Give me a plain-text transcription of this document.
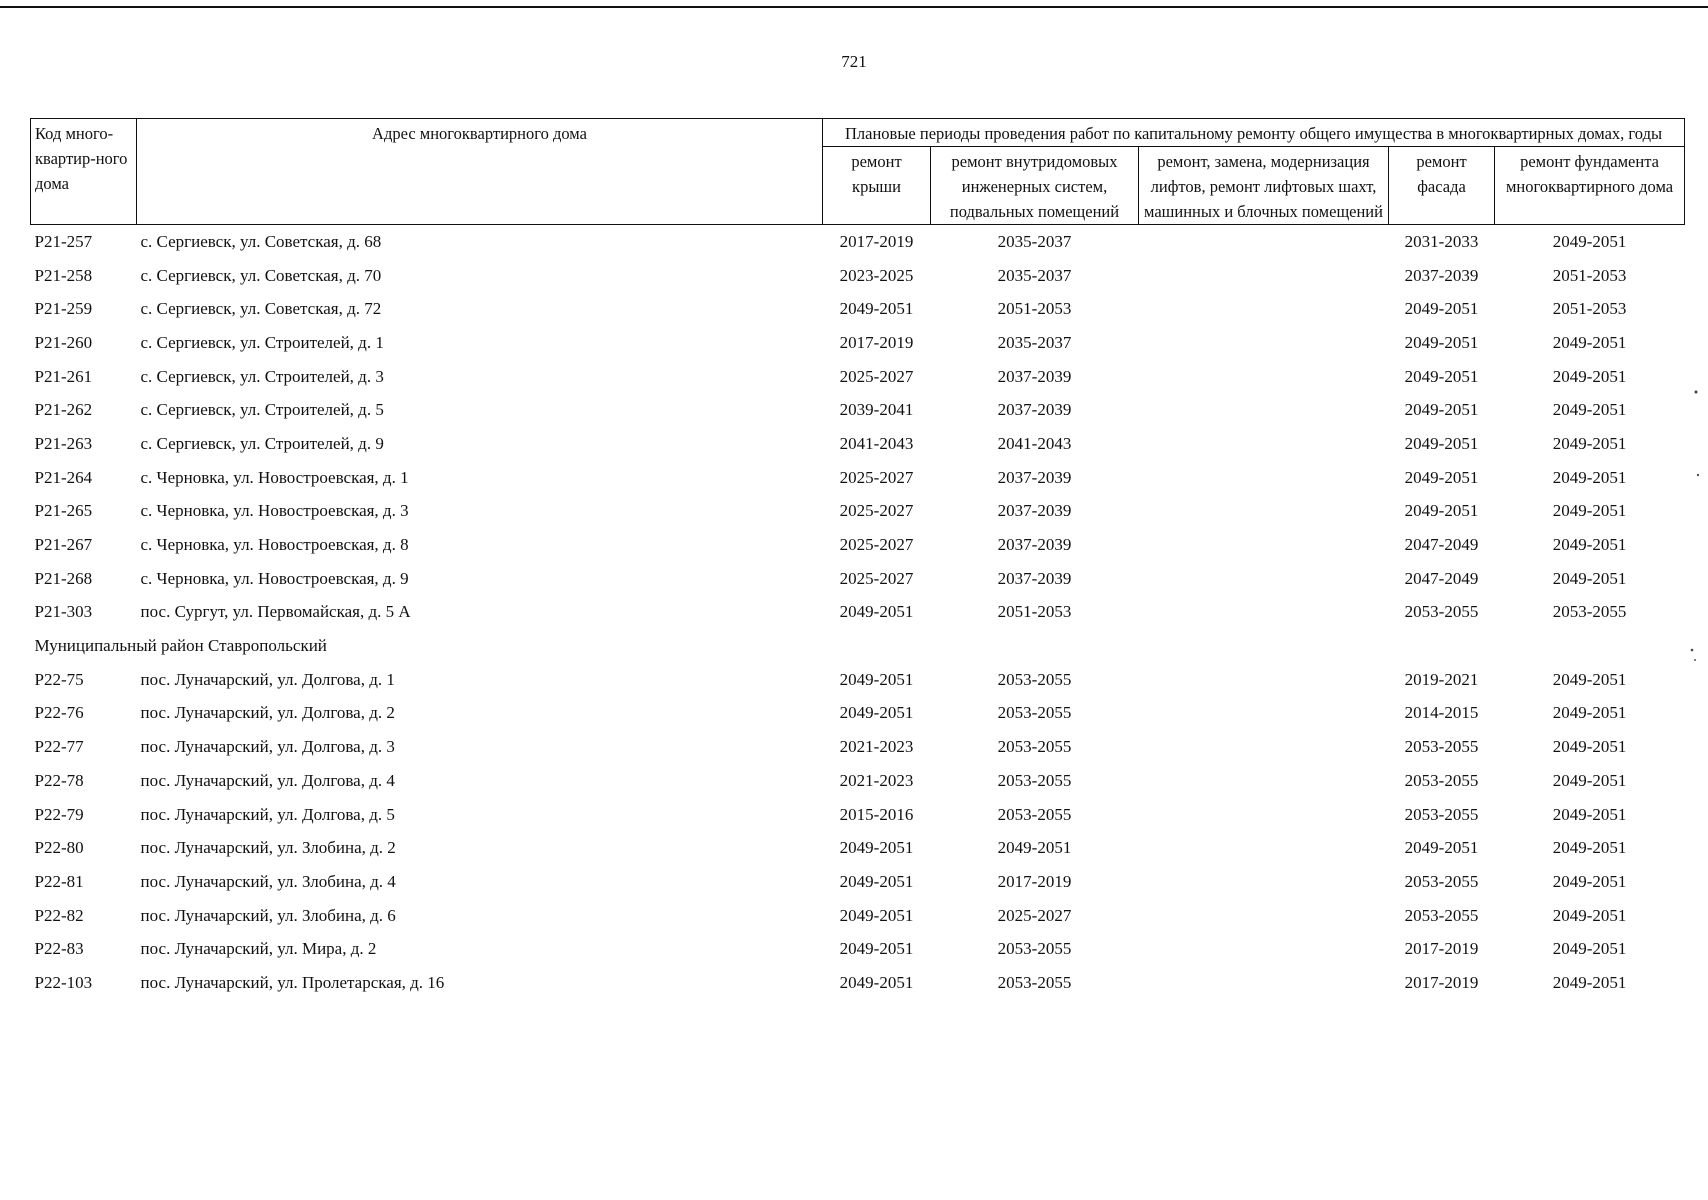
721
Код много-квартир-ного дома	Адрес многоквартирного дома	Плановые периоды проведения работ по капитальному ремонту общего имущества в многоквартирных домах, годы				
		ремонт крыши	ремонт внутридомовых инженерных систем, подвальных помещений	ремонт, замена, модернизация лифтов, ремонт лифтовых шахт, машинных и блочных помещений	ремонт фасада	ремонт фундамента многоквартирного дома
Р21-257	с. Сергиевск, ул. Советская, д. 68	2017-2019	2035-2037		2031-2033	2049-2051
Р21-258	с. Сергиевск, ул. Советская, д. 70	2023-2025	2035-2037		2037-2039	2051-2053
Р21-259	с. Сергиевск, ул. Советская, д. 72	2049-2051	2051-2053		2049-2051	2051-2053
Р21-260	с. Сергиевск, ул. Строителей, д. 1	2017-2019	2035-2037		2049-2051	2049-2051
Р21-261	с. Сергиевск, ул. Строителей, д. 3	2025-2027	2037-2039		2049-2051	2049-2051
Р21-262	с. Сергиевск, ул. Строителей, д. 5	2039-2041	2037-2039		2049-2051	2049-2051
Р21-263	с. Сергиевск, ул. Строителей, д. 9	2041-2043	2041-2043		2049-2051	2049-2051
Р21-264	с. Черновка, ул. Новостроевская, д. 1	2025-2027	2037-2039		2049-2051	2049-2051
Р21-265	с. Черновка, ул. Новостроевская, д. 3	2025-2027	2037-2039		2049-2051	2049-2051
Р21-267	с. Черновка, ул. Новостроевская, д. 8	2025-2027	2037-2039		2047-2049	2049-2051
Р21-268	с. Черновка, ул. Новостроевская, д. 9	2025-2027	2037-2039		2047-2049	2049-2051
Р21-303	пос. Сургут, ул. Первомайская, д. 5 А	2049-2051	2051-2053		2053-2055	2053-2055
Муниципальный район Ставропольский						
Р22-75	пос. Луначарский, ул. Долгова, д. 1	2049-2051	2053-2055		2019-2021	2049-2051
Р22-76	пос. Луначарский, ул. Долгова, д. 2	2049-2051	2053-2055		2014-2015	2049-2051
Р22-77	пос. Луначарский, ул. Долгова, д. 3	2021-2023	2053-2055		2053-2055	2049-2051
Р22-78	пос. Луначарский, ул. Долгова, д. 4	2021-2023	2053-2055		2053-2055	2049-2051
Р22-79	пос. Луначарский, ул. Долгова, д. 5	2015-2016	2053-2055		2053-2055	2049-2051
Р22-80	пос. Луначарский, ул. Злобина, д. 2	2049-2051	2049-2051		2049-2051	2049-2051
Р22-81	пос. Луначарский, ул. Злобина, д. 4	2049-2051	2017-2019		2053-2055	2049-2051
Р22-82	пос. Луначарский, ул. Злобина, д. 6	2049-2051	2025-2027		2053-2055	2049-2051
Р22-83	пос. Луначарский, ул. Мира, д. 2	2049-2051	2053-2055		2017-2019	2049-2051
Р22-103	пос. Луначарский, ул. Пролетарская, д. 16	2049-2051	2053-2055		2017-2019	2049-2051
